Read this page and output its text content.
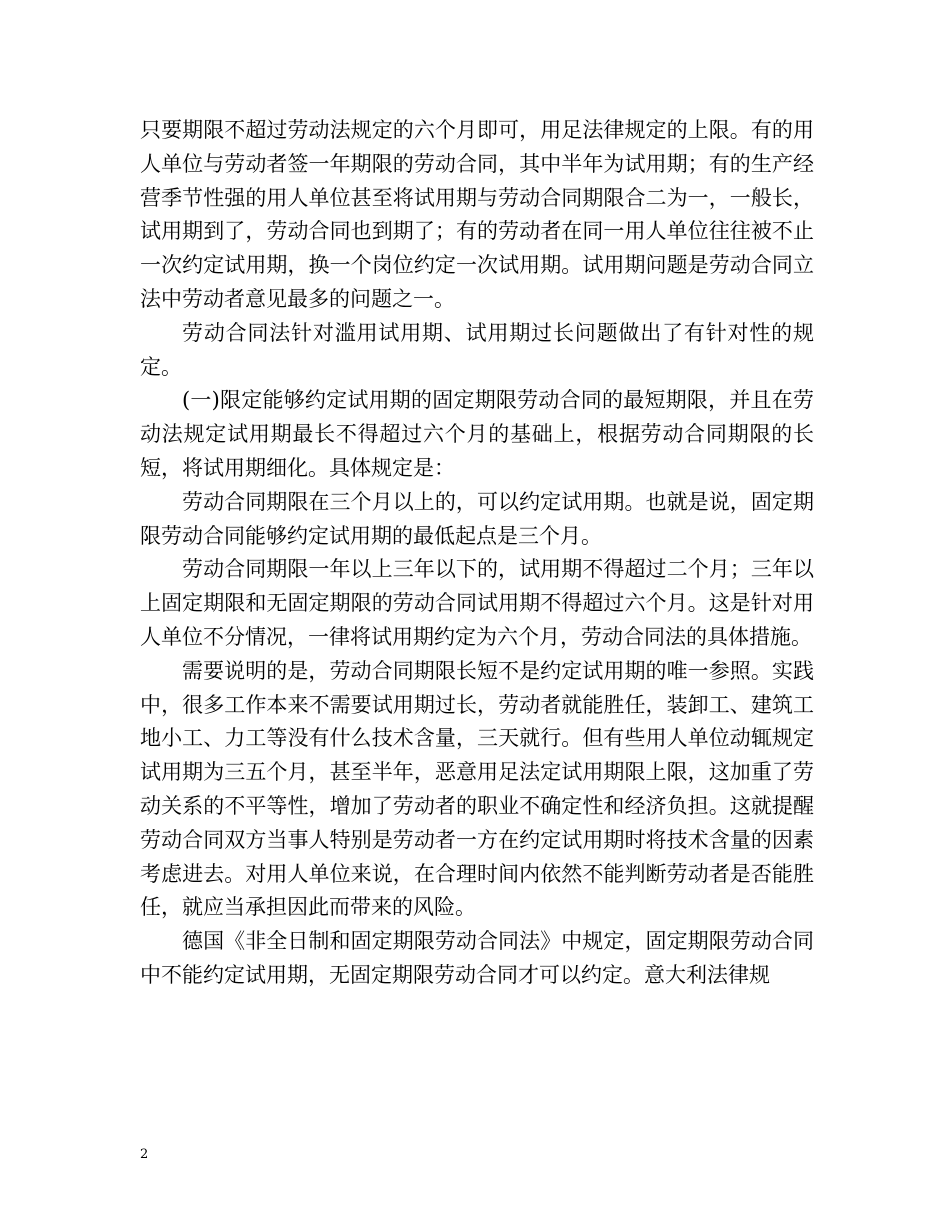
只要期限不超过劳动法规定的六个月即可，用足法律规定的上限。有的用人单位与劳动者签一年期限的劳动合同，其中半年为试用期；有的生产经营季节性强的用人单位甚至将试用期与劳动合同期限合二为一，一般长，试用期到了，劳动合同也到期了；有的劳动者在同一用人单位往往被不止一次约定试用期，换一个岗位约定一次试用期。试用期问题是劳动合同立法中劳动者意见最多的问题之一。

劳动合同法针对滥用试用期、试用期过长问题做出了有针对性的规定。

(一)限定能够约定试用期的固定期限劳动合同的最短期限，并且在劳动法规定试用期最长不得超过六个月的基础上，根据劳动合同期限的长短，将试用期细化。具体规定是：

劳动合同期限在三个月以上的，可以约定试用期。也就是说，固定期限劳动合同能够约定试用期的最低起点是三个月。

劳动合同期限一年以上三年以下的，试用期不得超过二个月；三年以上固定期限和无固定期限的劳动合同试用期不得超过六个月。这是针对用人单位不分情况，一律将试用期约定为六个月，劳动合同法的具体措施。

需要说明的是，劳动合同期限长短不是约定试用期的唯一参照。实践中，很多工作本来不需要试用期过长，劳动者就能胜任，装卸工、建筑工地小工、力工等没有什么技术含量，三天就行。但有些用人单位动辄规定试用期为三五个月，甚至半年，恶意用足法定试用期限上限，这加重了劳动关系的不平等性，增加了劳动者的职业不确定性和经济负担。这就提醒劳动合同双方当事人特别是劳动者一方在约定试用期时将技术含量的因素考虑进去。对用人单位来说，在合理时间内依然不能判断劳动者是否能胜任，就应当承担因此而带来的风险。

德国《非全日制和固定期限劳动合同法》中规定，固定期限劳动合同中不能约定试用期，无固定期限劳动合同才可以约定。意大利法律规

2
